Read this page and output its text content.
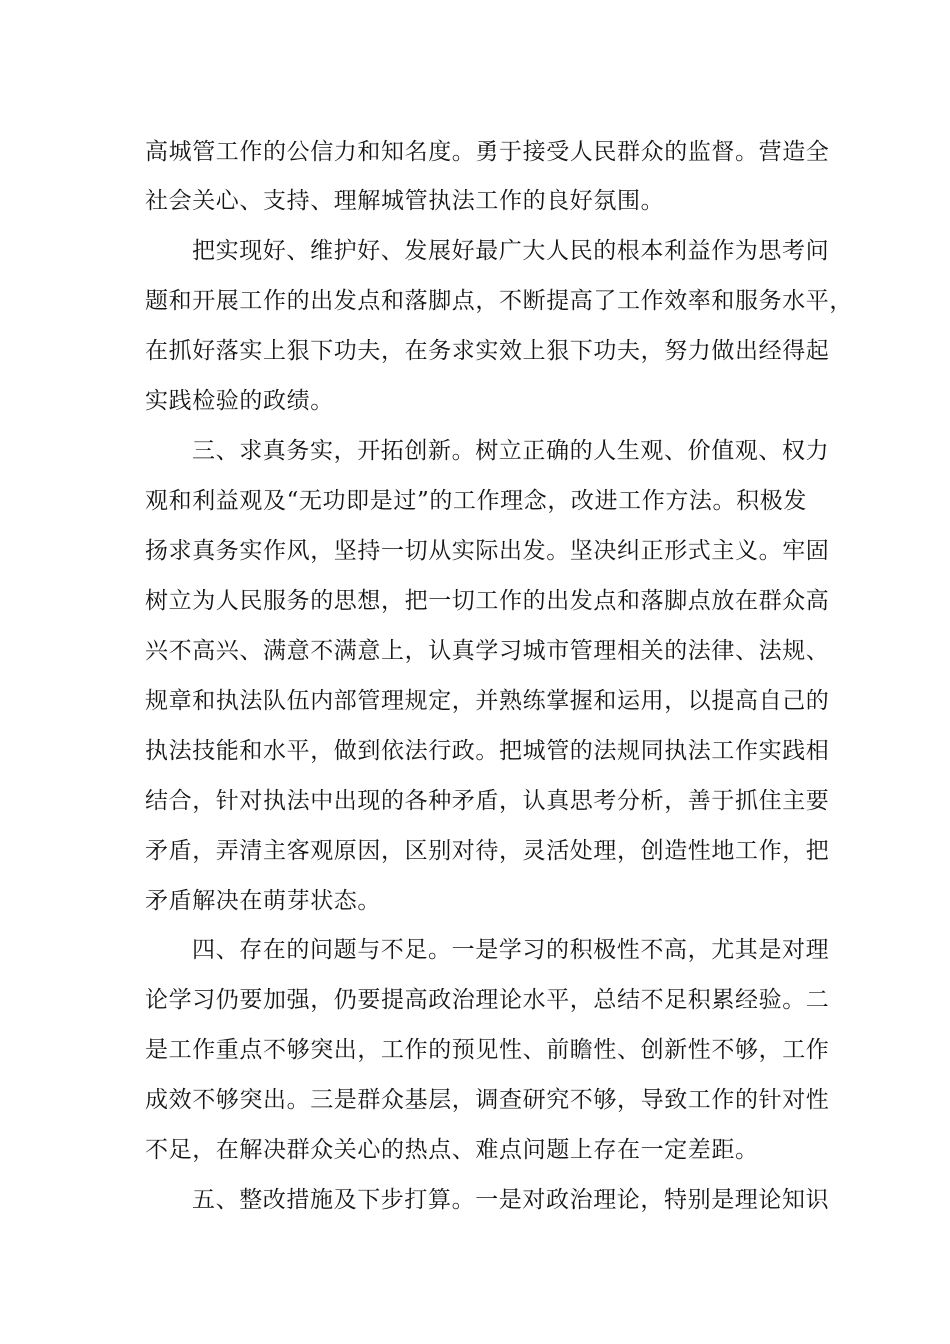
高城管工作的公信力和知名度。勇于接受人民群众的监督。营造全
社会关心、支持、理解城管执法工作的良好氛围。
把实现好、维护好、发展好最广大人民的根本利益作为思考问
题和开展工作的出发点和落脚点，不断提高了工作效率和服务水平，
在抓好落实上狠下功夫，在务求实效上狠下功夫，努力做出经得起
实践检验的政绩。
三、求真务实，开拓创新。树立正确的人生观、价值观、权力
观和利益观及“无功即是过”的工作理念，改进工作方法。积极发
扬求真务实作风，坚持一切从实际出发。坚决纠正形式主义。牢固
树立为人民服务的思想，把一切工作的出发点和落脚点放在群众高
兴不高兴、满意不满意上，认真学习城市管理相关的法律、法规、
规章和执法队伍内部管理规定，并熟练掌握和运用，以提高自己的
执法技能和水平，做到依法行政。把城管的法规同执法工作实践相
结合，针对执法中出现的各种矛盾，认真思考分析，善于抓住主要
矛盾，弄清主客观原因，区别对待，灵活处理，创造性地工作，把
矛盾解决在萌芽状态。
四、存在的问题与不足。一是学习的积极性不高，尤其是对理
论学习仍要加强，仍要提高政治理论水平，总结不足积累经验。二
是工作重点不够突出，工作的预见性、前瞻性、创新性不够，工作
成效不够突出。三是群众基层，调查研究不够，导致工作的针对性
不足，在解决群众关心的热点、难点问题上存在一定差距。
五、整改措施及下步打算。一是对政治理论，特别是理论知识
